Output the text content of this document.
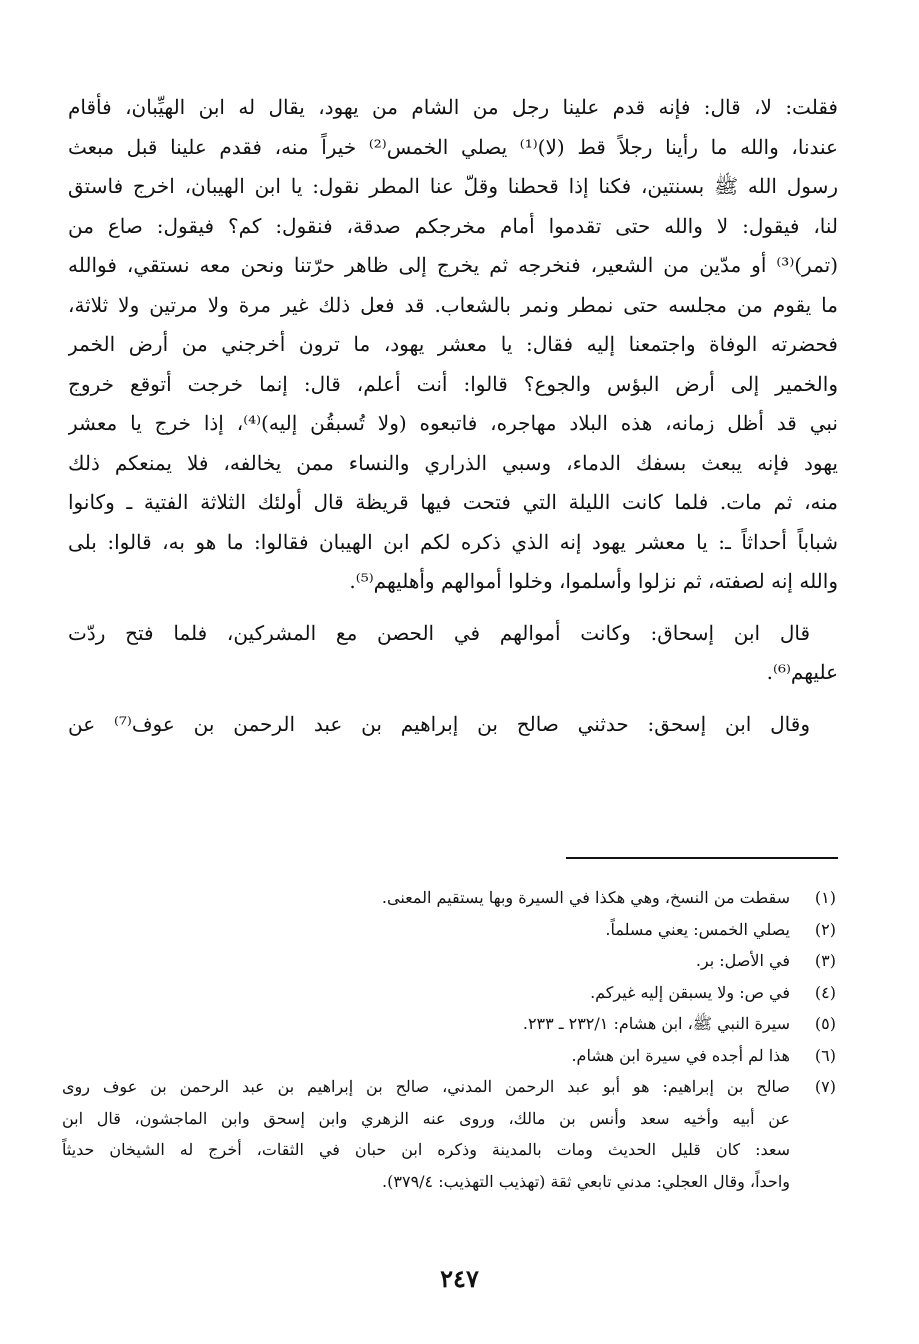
فقلت: لا، قال: فإنه قدم علينا رجل من الشام من يهود، يقال له ابن الهيِّبان، فأقام
عندنا، والله ما رأينا رجلاً قط (لا)⁽¹⁾ يصلي الخمس⁽²⁾ خيراً منه، فقدم علينا قبل مبعث
رسول الله ﷺ بسنتين، فكنا إذا قحطنا وقلّ عنا المطر نقول: يا ابن الهيبان، اخرج فاستق
لنا، فيقول: لا والله حتى تقدموا أمام مخرجكم صدقة، فنقول: كم؟ فيقول: صاع من
(تمر)⁽³⁾ أو مدّين من الشعير، فنخرجه ثم يخرج إلى ظاهر حرّتنا ونحن معه نستقي، فوالله
ما يقوم من مجلسه حتى نمطر ونمر بالشعاب. قد فعل ذلك غير مرة ولا مرتين ولا ثلاثة،
فحضرته الوفاة واجتمعنا إليه فقال: يا معشر يهود، ما ترون أخرجني من أرض الخمر
والخمير إلى أرض البؤس والجوع؟ قالوا: أنت أعلم، قال: إنما خرجت أتوقع خروج
نبي قد أظل زمانه، هذه البلاد مهاجره، فاتبعوه (ولا تُسبقُن إليه)⁽⁴⁾، إذا خرج يا معشر
يهود فإنه يبعث بسفك الدماء، وسبي الذراري والنساء ممن يخالفه، فلا يمنعكم ذلك
منه، ثم مات. فلما كانت الليلة التي فتحت فيها قريظة قال أولئك الثلاثة الفتية ـ وكانوا
شباباً أحداثاً ـ: يا معشر يهود إنه الذي ذكره لكم ابن الهيبان فقالوا: ما هو به، قالوا: بلى
والله إنه لصفته، ثم نزلوا وأسلموا، وخلوا أموالهم وأهليهم⁽⁵⁾.
قال ابن إسحاق: وكانت أموالهم في الحصن مع المشركين، فلما فتح ردّت
عليهم⁽⁶⁾.
وقال ابن إسحق: حدثني صالح بن إبراهيم بن عبد الرحمن بن عوف⁽⁷⁾ عن
(١)
سقطت من النسخ، وهي هكذا في السيرة وبها يستقيم المعنى.
(٢)
يصلي الخمس: يعني مسلماً.
(٣)
في الأصل: بر.
(٤)
في ص: ولا يسبقن إليه غيركم.
(٥)
سيرة النبي ﷺ، ابن هشام: ٢٣٢/١ ـ ٢٣٣.
(٦)
هذا لم أجده في سيرة ابن هشام.
(٧)
صالح بن إبراهيم: هو أبو عبد الرحمن المدني، صالح بن إبراهيم بن عبد الرحمن بن عوف روى
عن أبيه وأخيه سعد وأنس بن مالك، وروى عنه الزهري وابن إسحق وابن الماجشون، قال ابن
سعد: كان قليل الحديث ومات بالمدينة وذكره ابن حبان في الثقات، أخرج له الشيخان حديثاً
واحداً، وقال العجلي: مدني تابعي ثقة (تهذيب التهذيب: ٣٧٩/٤).
٢٤٧
